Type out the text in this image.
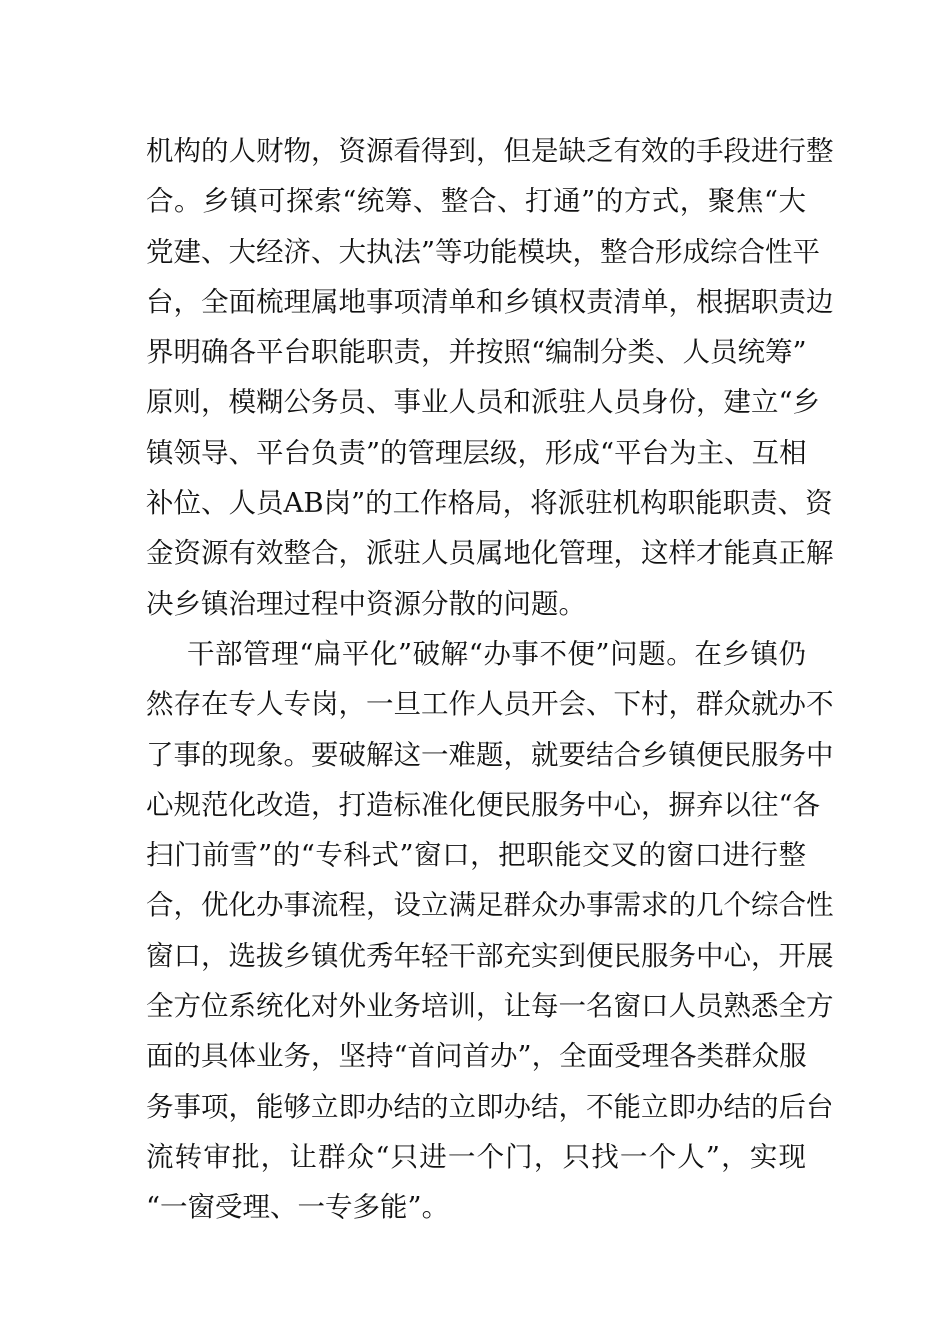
机构的人财物，资源看得到，但是缺乏有效的手段进行整
合。乡镇可探索“统筹、整合、打通”的方式，聚焦“大
党建、大经济、大执法”等功能模块，整合形成综合性平
台，全面梳理属地事项清单和乡镇权责清单，根据职责边
界明确各平台职能职责，并按照“编制分类、人员统筹”
原则，模糊公务员、事业人员和派驻人员身份，建立“乡
镇领导、平台负责”的管理层级，形成“平台为主、互相
补位、人员AB岗”的工作格局，将派驻机构职能职责、资
金资源有效整合，派驻人员属地化管理，这样才能真正解
决乡镇治理过程中资源分散的问题。
干部管理“扁平化”破解“办事不便”问题。在乡镇仍
然存在专人专岗，一旦工作人员开会、下村，群众就办不
了事的现象。要破解这一难题，就要结合乡镇便民服务中
心规范化改造，打造标准化便民服务中心，摒弃以往“各
扫门前雪”的“专科式”窗口，把职能交叉的窗口进行整
合，优化办事流程，设立满足群众办事需求的几个综合性
窗口，选拔乡镇优秀年轻干部充实到便民服务中心，开展
全方位系统化对外业务培训，让每一名窗口人员熟悉全方
面的具体业务，坚持“首问首办”，全面受理各类群众服
务事项，能够立即办结的立即办结，不能立即办结的后台
流转审批，让群众“只进一个门，只找一个人”，实现
“一窗受理、一专多能”。
